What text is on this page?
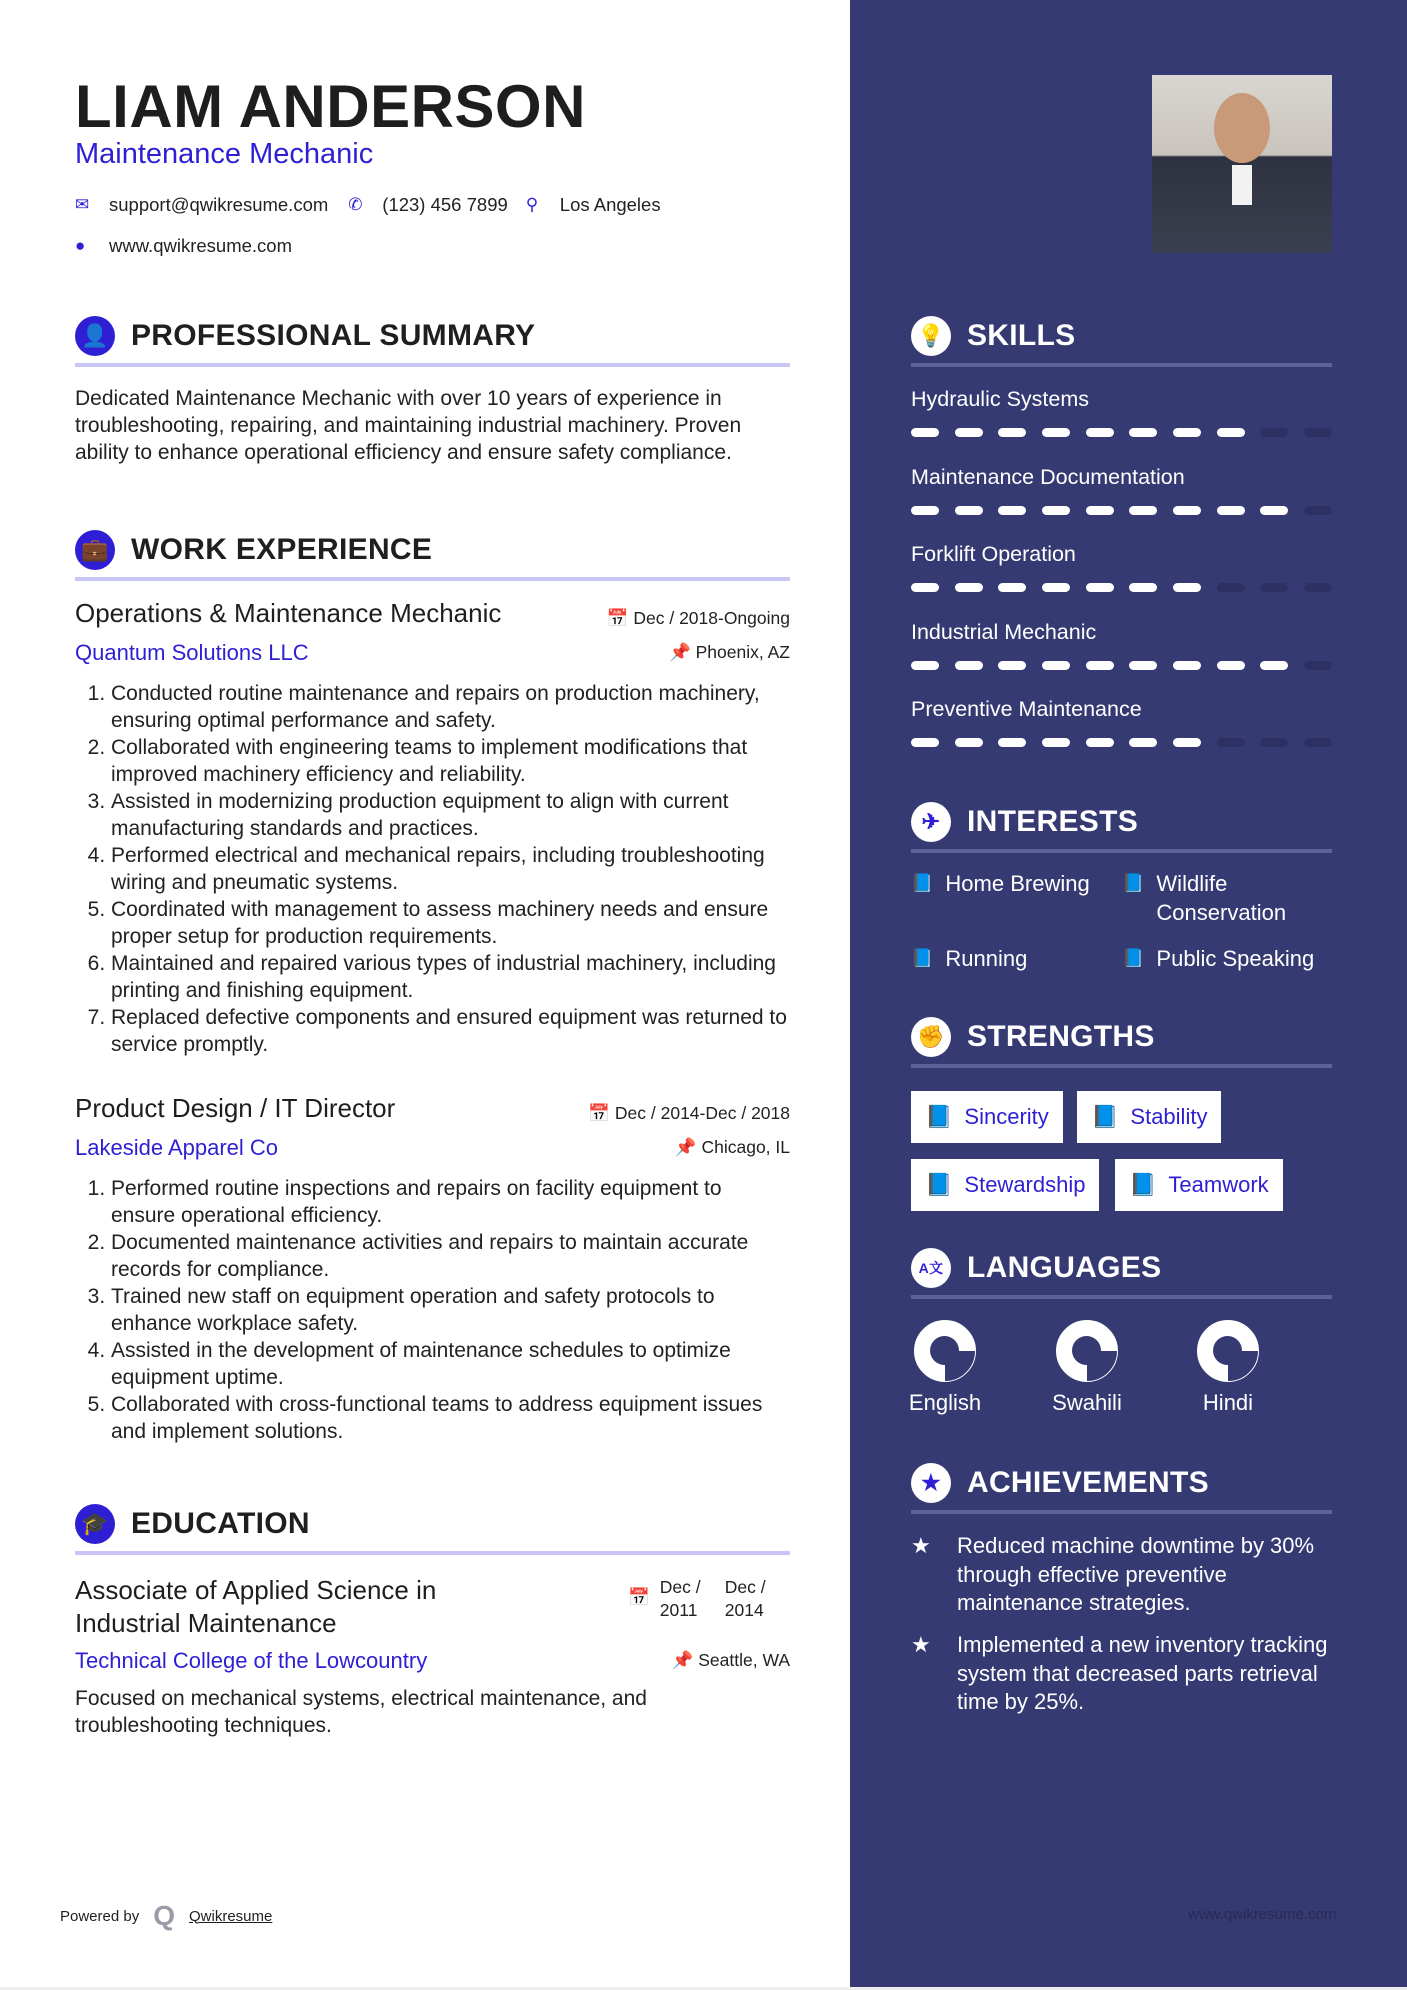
LIAM ANDERSON
Maintenance Mechanic
✉	support@qwikresume.com ✆	(123) 456 7899 ⚲	Los Angeles
●	www.qwikresume.com
👤 PROFESSIONAL SUMMARY
Dedicated Maintenance Mechanic with over 10 years of experience in troubleshooting, repairing, and maintaining industrial machinery. Proven ability to enhance operational efficiency and ensure safety compliance.
💼 WORK EXPERIENCE
Operations & Maintenance Mechanic	📅 Dec / 2018-Ongoing
Quantum Solutions LLC	📌 Phoenix, AZ
1. Conducted routine maintenance and repairs on production machinery, ensuring optimal performance and safety.
2. Collaborated with engineering teams to implement modifications that improved machinery efficiency and reliability.
3. Assisted in modernizing production equipment to align with current manufacturing standards and practices.
4. Performed electrical and mechanical repairs, including troubleshooting wiring and pneumatic systems.
5. Coordinated with management to assess machinery needs and ensure proper setup for production requirements.
6. Maintained and repaired various types of industrial machinery, including printing and finishing equipment.
7. Replaced defective components and ensured equipment was returned to service promptly.
Product Design / IT Director	📅 Dec / 2014-Dec / 2018
Lakeside Apparel Co	📌 Chicago, IL
1. Performed routine inspections and repairs on facility equipment to ensure operational efficiency.
2. Documented maintenance activities and repairs to maintain accurate records for compliance.
3. Trained new staff on equipment operation and safety protocols to enhance workplace safety.
4. Assisted in the development of maintenance schedules to optimize equipment uptime.
5. Collaborated with cross-functional teams to address equipment issues and implement solutions.
🎓 EDUCATION
Associate of Applied Science in Industrial Maintenance
📅 Dec / 2011
Dec / 2014
Technical College of the Lowcountry	📌 Seattle, WA
Focused on mechanical systems, electrical maintenance, and troubleshooting techniques.
Powered by Q Qwikresume	www.qwikresume.com
💡 SKILLS
Hydraulic Systems
Maintenance Documentation
Forklift Operation
Industrial Mechanic
Preventive Maintenance
✈ INTERESTS
📘 Home Brewing 📘 Wildlife Conservation
📘 Running	📘 Public Speaking
✊ STRENGTHS
📘 Sincerity 📘 Stability
📘 Stewardship 📘 Teamwork
A文 LANGUAGES
English	Swahili	Hindi
★ ACHIEVEMENTS
★	Reduced machine downtime by 30% through effective preventive maintenance strategies.
★	Implemented a new inventory tracking system that decreased parts retrieval time by 25%.
